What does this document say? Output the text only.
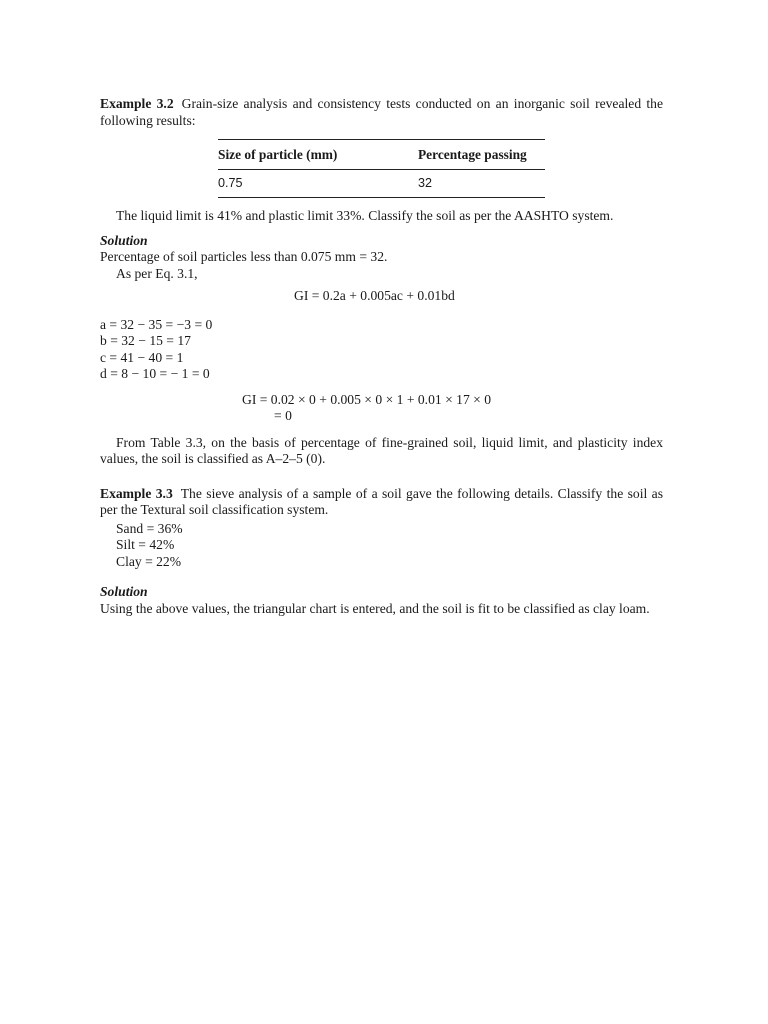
Example 3.2 Grain-size analysis and consistency tests conducted on an inorganic soil revealed the following results:

Size of particle (mm)	Percentage passing
0.75	32

The liquid limit is 41% and plastic limit 33%. Classify the soil as per the AASHTO system.

Solution

Percentage of soil particles less than 0.075 mm = 32.

As per Eq. 3.1,

GI = 0.2a + 0.005ac + 0.01bd

a = 32 − 35 = −3 = 0
b = 32 − 15 = 17
c = 41 − 40 = 1
d = 8 − 10 = − 1 = 0
GI = 0.02 × 0 + 0.005 × 0 × 1 + 0.01 × 17 × 0
= 0

From Table 3.3, on the basis of percentage of fine-grained soil, liquid limit, and plasticity index values, the soil is classified as A–2–5 (0).

Example 3.3 The sieve analysis of a sample of a soil gave the following details. Classify the soil as per the Textural soil classification system.

Sand = 36%
Silt = 42%
Clay = 22%

Solution

Using the above values, the triangular chart is entered, and the soil is fit to be classified as clay loam.
